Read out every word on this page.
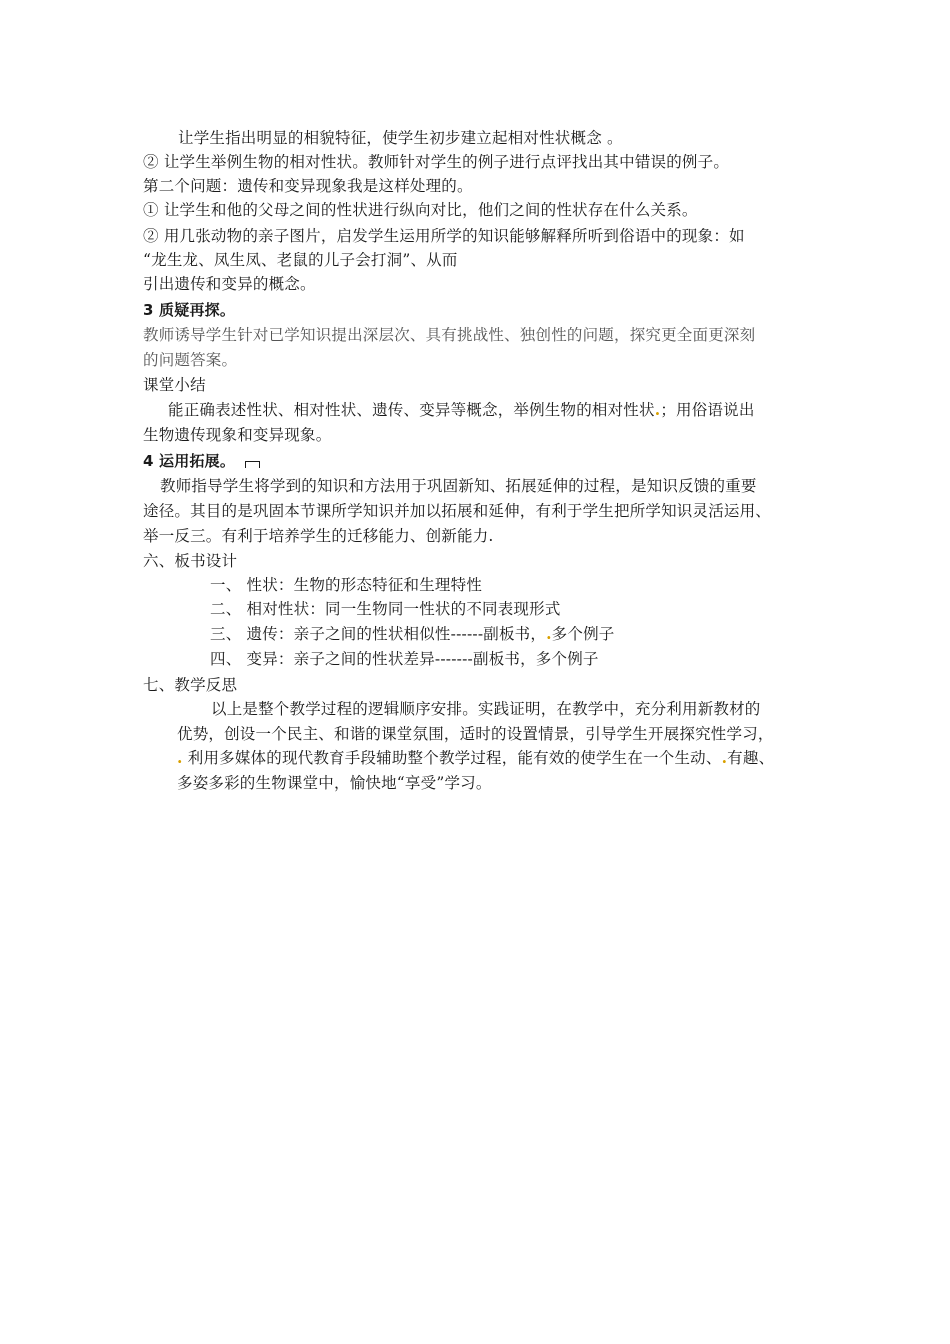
让学生指出明显的相貌特征，使学生初步建立起相对性状概念 。
② 让学生举例生物的相对性状。教师针对学生的例子进行点评找出其中错误的例子。
第二个问题：遗传和变异现象我是这样处理的。
① 让学生和他的父母之间的性状进行纵向对比，他们之间的性状存在什么关系。
② 用几张动物的亲子图片，启发学生运用所学的知识能够解释所听到俗语中的现象：如
“龙生龙、凤生凤、老鼠的儿子会打洞”、从而
引出遗传和变异的概念。
3 质疑再探。
教师诱导学生针对已学知识提出深层次、具有挑战性、独创性的问题，探究更全面更深刻
的问题答案。
课堂小结
能正确表述性状、相对性状、遗传、变异等概念，举例生物的相对性状.；用俗语说出
生物遗传现象和变异现象。
4 运用拓展。
教师指导学生将学到的知识和方法用于巩固新知、拓展延伸的过程，是知识反馈的重要
途径。其目的是巩固本节课所学知识并加以拓展和延伸，有利于学生把所学知识灵活运用、
举一反三。有利于培养学生的迁移能力、创新能力.
六、板书设计
一、 性状：生物的形态特征和生理特性
二、 相对性状：同一生物同一性状的不同表现形式
三、 遗传：亲子之间的性状相似性------副板书，.多个例子
四、 变异：亲子之间的性状差异-------副板书，多个例子
七、教学反思
以上是整个教学过程的逻辑顺序安排。实践证明，在教学中，充分利用新教材的
优势，创设一个民主、和谐的课堂氛围，适时的设置情景，引导学生开展探究性学习，
. 利用多媒体的现代教育手段辅助整个教学过程，能有效的使学生在一个生动、.有趣、
多姿多彩的生物课堂中，愉快地“享受”学习。
